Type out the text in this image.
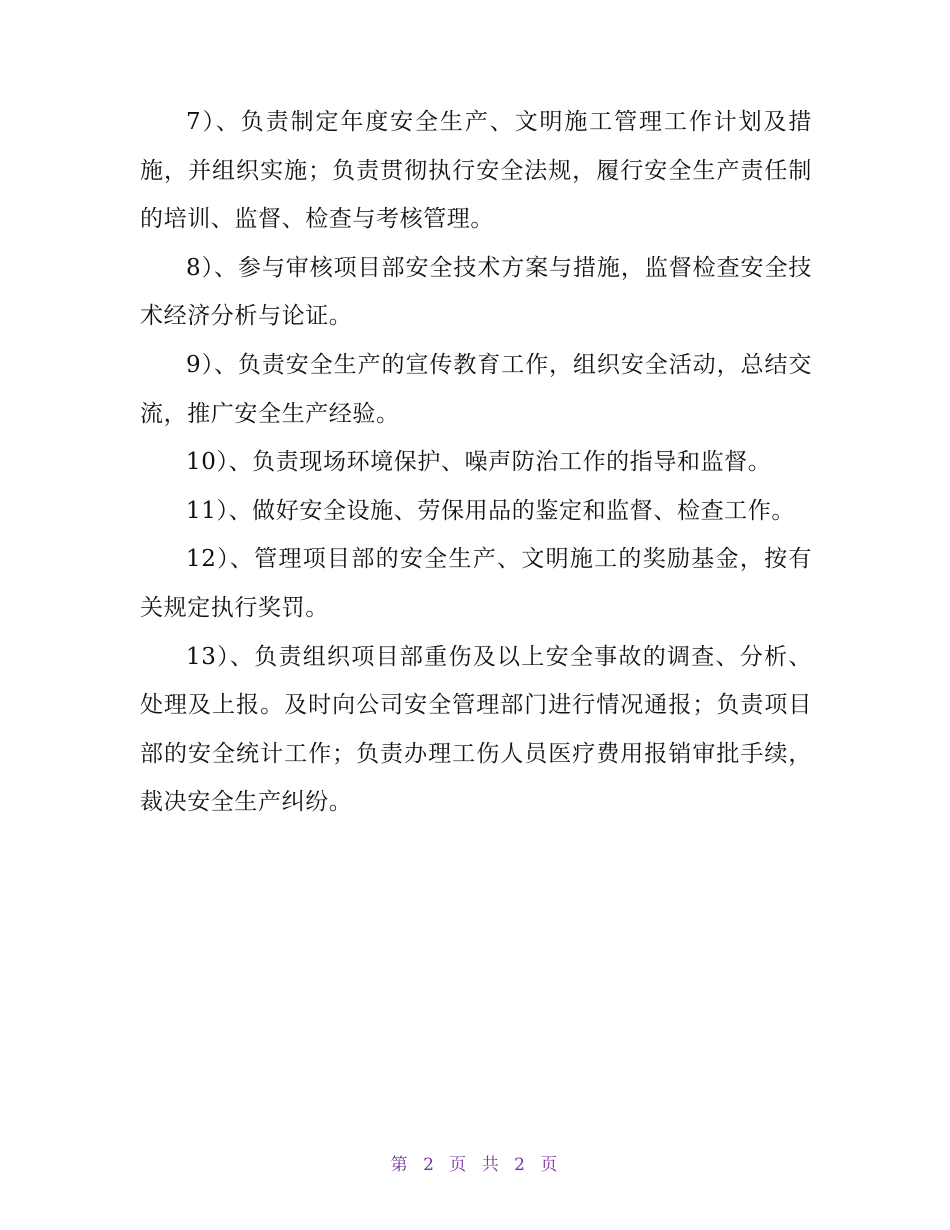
7）、负责制定年度安全生产、文明施工管理工作计划及措施，并组织实施；负责贯彻执行安全法规，履行安全生产责任制的培训、监督、检查与考核管理。

8）、参与审核项目部安全技术方案与措施，监督检查安全技术经济分析与论证。

9）、负责安全生产的宣传教育工作，组织安全活动，总结交流，推广安全生产经验。

10）、负责现场环境保护、噪声防治工作的指导和监督。

11）、做好安全设施、劳保用品的鉴定和监督、检查工作。

12）、管理项目部的安全生产、文明施工的奖励基金，按有关规定执行奖罚。

13）、负责组织项目部重伤及以上安全事故的调查、分析、处理及上报。及时向公司安全管理部门进行情况通报；负责项目部的安全统计工作；负责办理工伤人员医疗费用报销审批手续，裁决安全生产纠纷。

第 2 页 共 2 页
